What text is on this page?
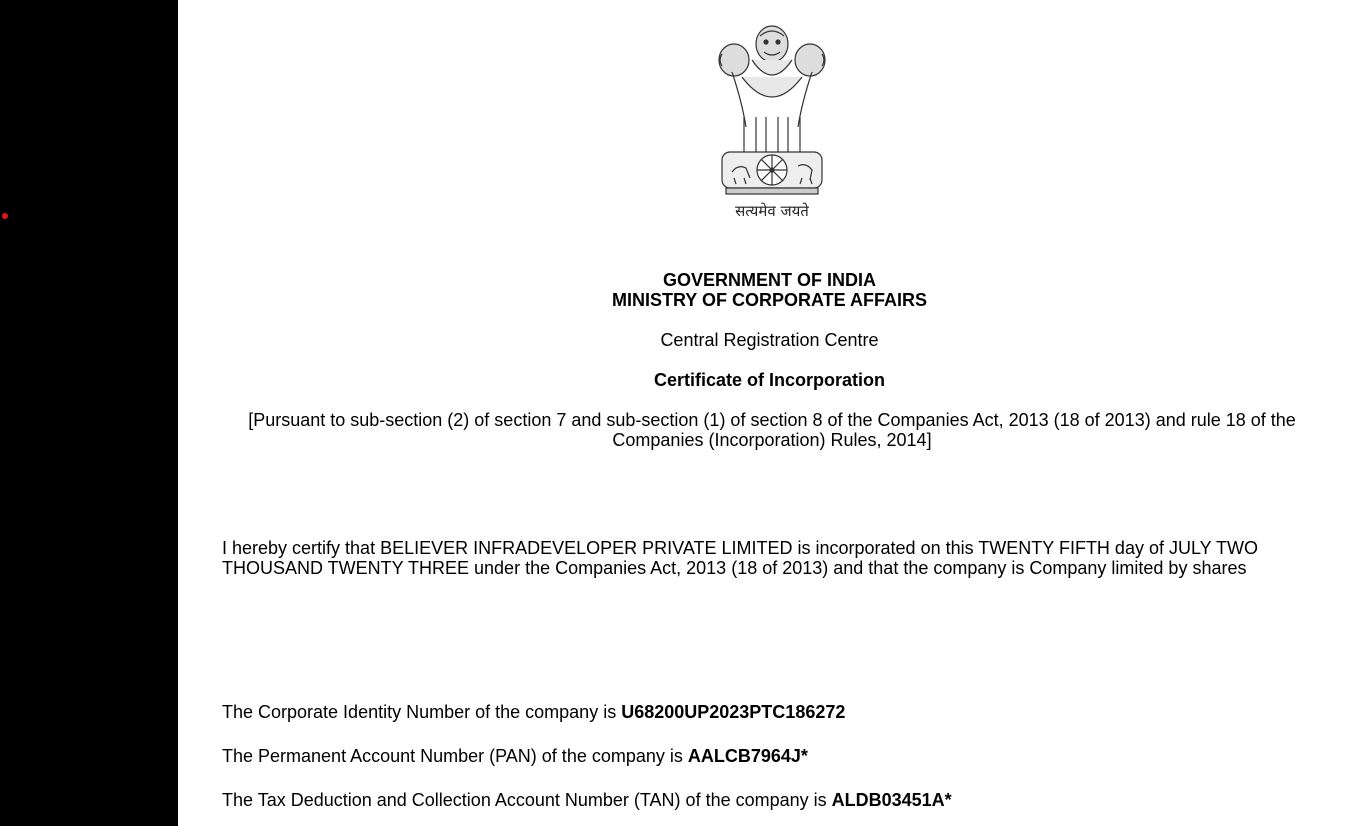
सत्यमेव जयते
GOVERNMENT OF INDIA
MINISTRY OF CORPORATE AFFAIRS
Central Registration Centre
Certificate of Incorporation
[Pursuant to sub-section (2) of section 7 and sub-section (1) of section 8 of the Companies Act, 2013 (18 of 2013) and rule 18 of the Companies (Incorporation) Rules, 2014]
I hereby certify that BELIEVER INFRADEVELOPER PRIVATE LIMITED is incorporated on this TWENTY FIFTH day of JULY TWO THOUSAND TWENTY THREE under the Companies Act, 2013 (18 of 2013) and that the company is Company limited by shares
The Corporate Identity Number of the company is U68200UP2023PTC186272
The Permanent Account Number (PAN) of the company is AALCB7964J*
The Tax Deduction and Collection Account Number (TAN) of the company is ALDB03451A*
